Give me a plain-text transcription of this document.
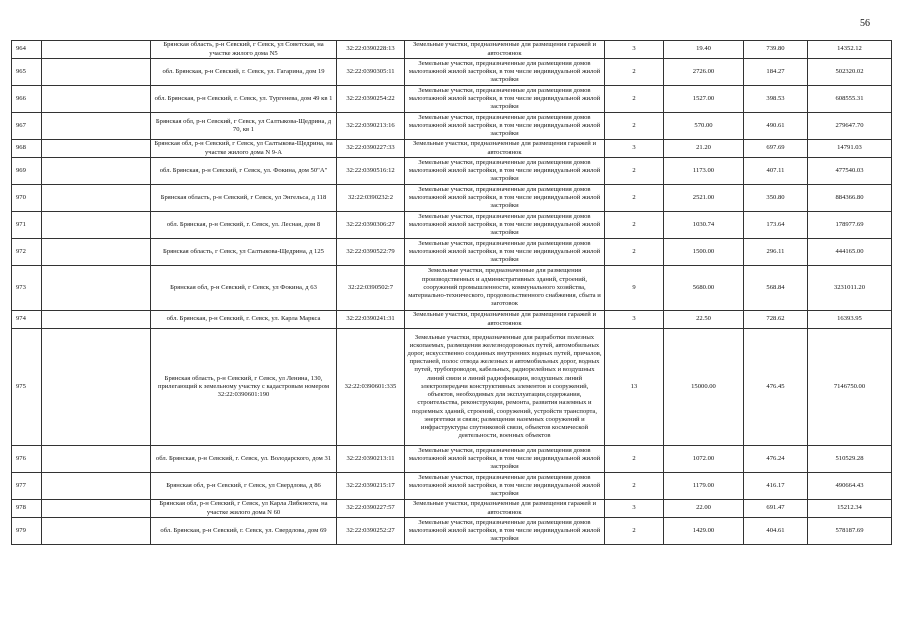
56
964		Брянская область, р-н Севский, г Севск, ул Советская, на участке жилого дома N5	32:22:0390228:13	Земельные участки, предназначенные для размещения гаражей и автостоянок	3	19.40	739.80	14352.12
965		обл. Брянская, р-н Севский, г. Севск, ул. Гагарина, дом 19	32:22:0390305:11	Земельные участки, предназначенные для размещения домов малоэтажной жилой застройки, в том числе индивидуальной жилой застройки	2	2726.00	184.27	502320.02
966		обл. Брянская, р-н Севский, г. Севск, ул. Тургенева, дом 49 кв 1	32:22:0390254:22	Земельные участки, предназначенные для размещения домов малоэтажной жилой застройки, в том числе индивидуальной жилой застройки	2	1527.00	398.53	608555.31
967		Брянская обл, р-н Севский, г Севск, ул Салтыкова-Щедрина, д 70, кв 1	32:22:0390213:16	Земельные участки, предназначенные для размещения домов малоэтажной жилой застройки, в том числе индивидуальной жилой застройки	2	570.00	490.61	279647.70
968		Брянская обл, р-н Севский, г Севск, ул Салтыкова-Щедрина, на участке жилого дома N 9-А	32:22:0390227:33	Земельные участки, предназначенные для размещения гаражей и автостоянок	3	21.20	697.69	14791.03
969		обл. Брянская, р-н Севский, г Севск, ул. Фокина, дом 50"А"	32:22:0390516:12	Земельные участки, предназначенные для размещения домов малоэтажной жилой застройки, в том числе индивидуальной жилой застройки	2	1173.00	407.11	477540.03
970		Брянская область, р-н Севский, г Севск, ул Энгельса, д 118	32:22:0390232:2	Земельные участки, предназначенные для размещения домов малоэтажной жилой застройки, в том числе индивидуальной жилой застройки	2	2521.00	350.80	884366.80
971		обл. Брянская, р-н Севский, г. Севск, ул. Лесная, дом 8	32:22:0390306:27	Земельные участки, предназначенные для размещения домов малоэтажной жилой застройки, в том числе индивидуальной жилой застройки	2	1030.74	173.64	178977.69
972		Брянская область, г Севск, ул Салтыкова-Щедрина, д 125	32:22:0390522:79	Земельные участки, предназначенные для размещения домов малоэтажной жилой застройки, в том числе индивидуальной жилой застройки	2	1500.00	296.11	444165.00
973		Брянская обл, р-н Севский, г Севск, ул Фокина, д 63	32:22:0390502:7	Земельные участки, предназначенные для размещения производственных и административных зданий, строений, сооружений промышленности, коммунального хозяйства, материально-технического, продовольственного снабжения, сбыта и заготовок	9	5680.00	568.84	3231011.20
974		обл. Брянская, р-н Севский, г. Севск, ул. Карла Маркса	32:22:0390241:31	Земельные участки, предназначенные для размещения гаражей и автостоянок	3	22.50	728.62	16393.95
975		Брянская область, р-н Севский, г Севск, ул Ленина, 130, прилегающий к земельному участку с кадастровым номером 32:22:0390601:190	32:22:0390601:335	Земельные участки, предназначенные для разработки полезных ископаемых, размещения железнодорожных путей, автомобильных дорог, искусственно созданных внутренних водных путей, причалов, пристаней, полос отвода железных и автомобильных дорог, водных путей, трубопроводов, кабельных, радиорелейных и воздушных линий связи и линий радиофикации, воздушных линий электропередачи конструктивных элементов и сооружений, объектов, необходимых для эксплуатации,содержания, строительства, реконструкции, ремонта, развития наземных и подземных зданий, строений, сооружений, устройств транспорта, энергетики и связи; размещения наземных сооружений и инфраструктуры спутниковой связи, объектов космической деятельности, военных объектов	13	15000.00	476.45	7146750.00
976		обл. Брянская, р-н Севский, г. Севск, ул. Володарского, дом 31	32:22:0390213:11	Земельные участки, предназначенные для размещения домов малоэтажной жилой застройки, в том числе индивидуальной жилой застройки	2	1072.00	476.24	510529.28
977		Брянская обл, р-н Севский, г Севск, ул Свердлова, д 86	32:22:0390215:17	Земельные участки, предназначенные для размещения домов малоэтажной жилой застройки, в том числе индивидуальной жилой застройки	2	1179.00	416.17	490664.43
978		Брянская обл, р-н Севский, г Севск, ул Карла Либкнехта, на участке жилого дома N 60	32:22:0390227:57	Земельные участки, предназначенные для размещения гаражей и автостоянок	3	22.00	691.47	15212.34
979		обл. Брянская, р-н Севский, г. Севск, ул. Свердлова, дом 69	32:22:0390252:27	Земельные участки, предназначенные для размещения домов малоэтажной жилой застройки, в том числе индивидуальной жилой застройки	2	1429.00	404.61	578187.69
